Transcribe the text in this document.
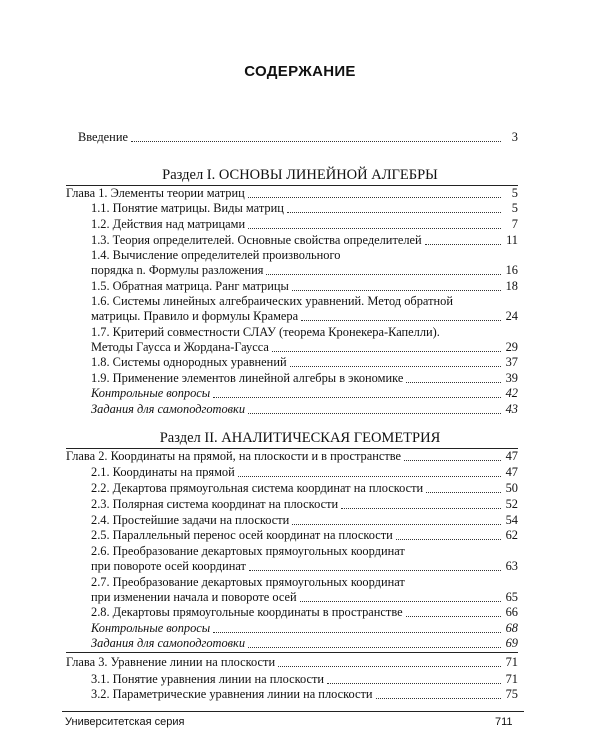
СОДЕРЖАНИЕ
Введение	3
Раздел I. ОСНОВЫ ЛИНЕЙНОЙ АЛГЕБРЫ
Глава 1. Элементы теории матриц	5
1.1. Понятие матрицы. Виды матриц	5
1.2. Действия над матрицами	7
1.3. Теория определителей. Основные свойства определителей	11
1.4. Вычисление определителей произвольного
порядка n. Формулы разложения	16
1.5. Обратная матрица. Ранг матрицы	18
1.6. Системы линейных алгебраических уравнений. Метод обратной
матрицы. Правило и формулы Крамера	24
1.7. Критерий совместности СЛАУ (теорема Кронекера-Капелли).
Методы Гаусса и Жордана-Гаусса	29
1.8. Системы однородных уравнений	37
1.9. Применение элементов линейной алгебры в экономике	39
Контрольные вопросы	42
Задания для самоподготовки	43
Раздел II. АНАЛИТИЧЕСКАЯ ГЕОМЕТРИЯ
Глава 2. Координаты на прямой, на плоскости и в пространстве	47
2.1. Координаты на прямой	47
2.2. Декартова прямоугольная система координат на плоскости	50
2.3. Полярная система координат на плоскости	52
2.4. Простейшие задачи на плоскости	54
2.5. Параллельный перенос осей координат на плоскости	62
2.6. Преобразование декартовых прямоугольных координат
при повороте осей координат	63
2.7. Преобразование декартовых прямоугольных координат
при изменении начала и повороте осей	65
2.8. Декартовы прямоугольные координаты в пространстве	66
Контрольные вопросы	68
Задания для самоподготовки	69
Глава 3. Уравнение линии на плоскости	71
3.1. Понятие уравнения линии на плоскости	71
3.2. Параметрические уравнения линии на плоскости	75
Университетская серия	711
